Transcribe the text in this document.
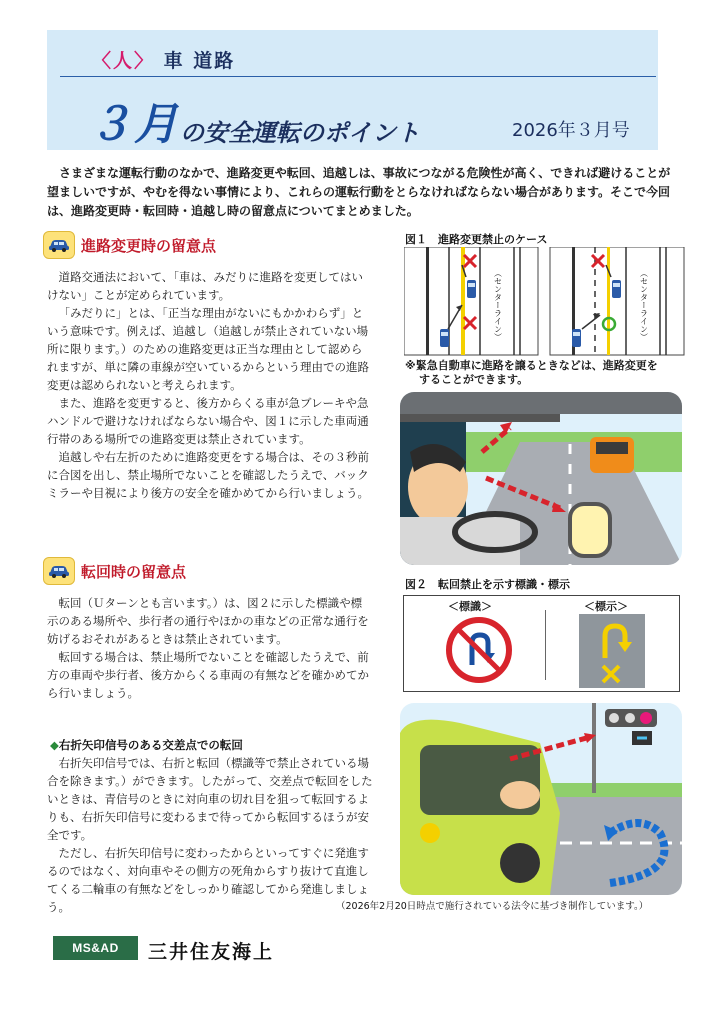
〈人〉 車 道路
３月 の安全運転のポイント	2026年３月号

さまざまな運転行動のなかで、進路変更や転回、追越しは、事故につながる危険性が高く、できれば避けることが望ましいですが、やむを得ない事情により、これらの運転行動をとらなければならない場合があります。そこで今回は、進路変更時・転回時・追越し時の留意点についてまとめました。

進路変更時の留意点

道路交通法において、「車は、みだりに進路を変更してはいけない」ことが定められています。

「みだりに」とは、「正当な理由がないにもかかわらず」という意味です。例えば、追越し（追越しが禁止されていない場所に限ります。）のための進路変更は正当な理由として認められますが、単に隣の車線が空いているからという理由での進路変更は認められないと考えられます。

また、進路を変更すると、後方からくる車が急ブレーキや急ハンドルで避けなければならない場合や、図１に示した車両通行帯のある場所での進路変更は禁止されています。

追越しや右左折のために進路変更をする場合は、その３秒前に合図を出し、禁止場所でないことを確認したうえで、バックミラーや目視により後方の安全を確かめてから行いましょう。

転回時の留意点

転回（Ｕターンとも言います。）は、図２に示した標識や標示のある場所や、歩行者の通行やほかの車などの正常な通行を妨げるおそれがあるときは禁止されています。

転回する場合は、禁止場所でないことを確認したうえで、前方の車両や歩行者、後方からくる車両の有無などを確かめてから行いましょう。

◆右折矢印信号のある交差点での転回

右折矢印信号では、右折と転回（標識等で禁止されている場合を除きます。）ができます。したがって、交差点で転回をしたいときは、青信号のときに対向車の切れ目を狙って転回するよりも、右折矢印信号に変わるまで待ってから転回するほうが安全です。

ただし、右折矢印信号に変わったからといってすぐに発進するのではなく、対向車やその側方の死角からすり抜けて直進してくる二輪車の有無などをしっかり確認してから発進しましょう。

図１　進路変更禁止のケース
（センターライン）	（センターライン）
※緊急自動車に進路を譲るときなどは、進路変更を
することができます。
図２　転回禁止を示す標識・標示
＜標識＞	＜標示＞
（2026年2月20日時点で施行されている法令に基づき制作しています。）
MS&AD	三井住友海上
